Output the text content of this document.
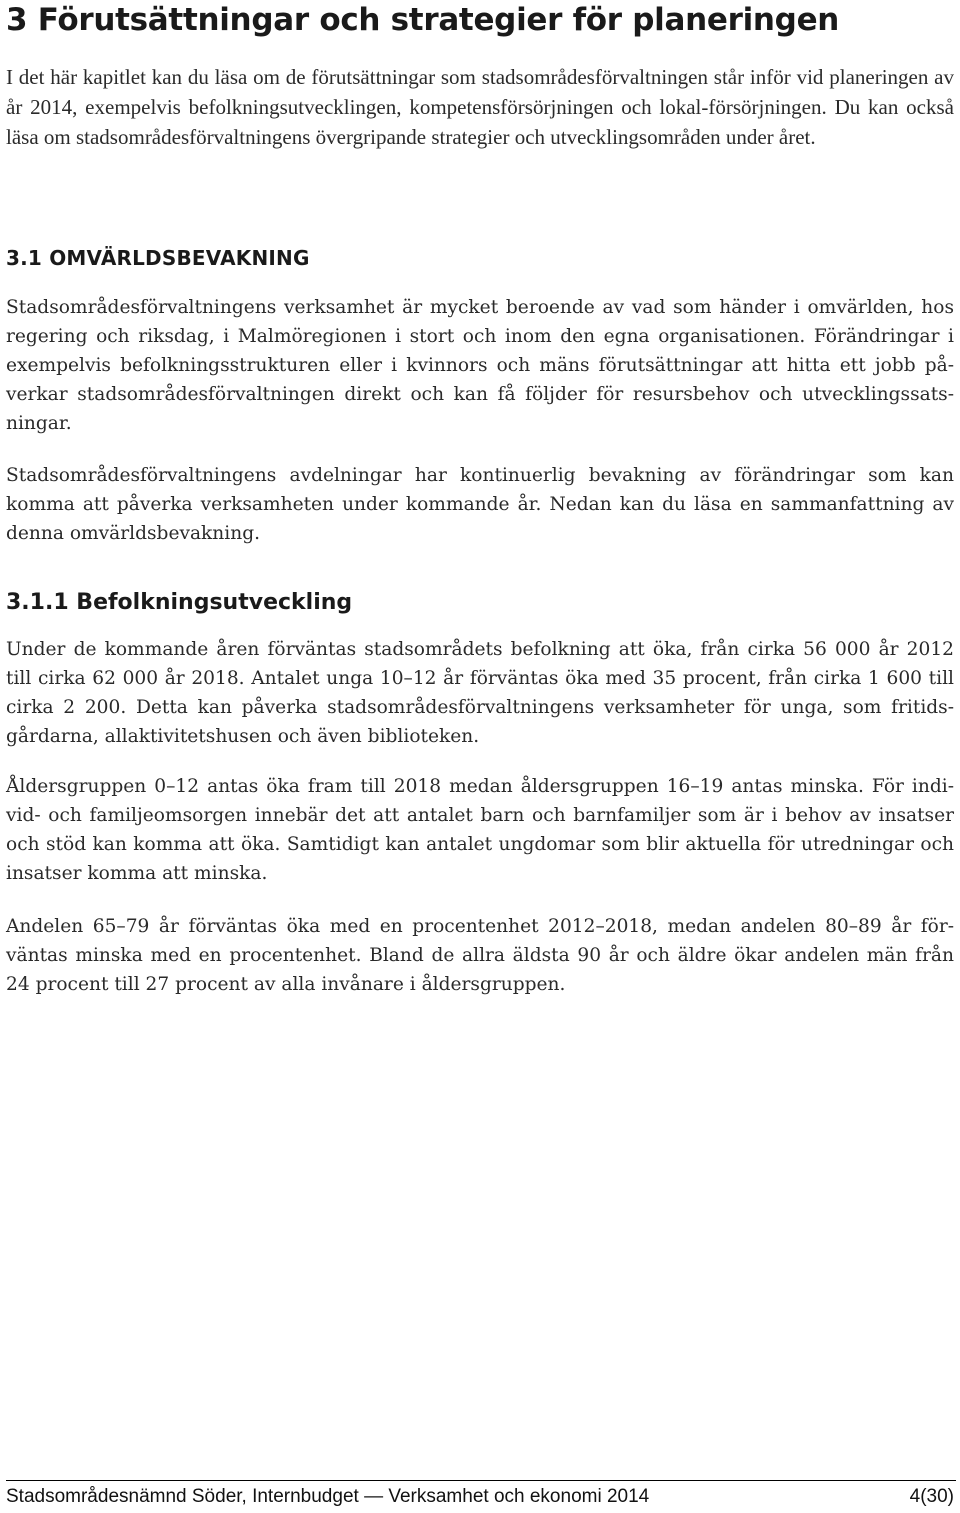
3 Förutsättningar och strategier för planeringen

I det här kapitlet kan du läsa om de förutsättningar som stadsområdesförvaltningen står inför vid planeringen av år 2014, exempelvis befolkningsutvecklingen, kompetensförsörjningen och lokal-försörjningen. Du kan också läsa om stadsområdesförvaltningens övergripande strategier och utvecklingsområden under året.

3.1 OMVÄRLDSBEVAKNING

Stadsområdesförvaltningens verksamhet är mycket beroende av vad som händer i omvärlden, hos regering och riksdag, i Malmöregionen i stort och inom den egna organisationen. Förändringar i exempelvis befolkningsstrukturen eller i kvinnors och mäns förutsättningar att hitta ett jobb på-verkar stadsområdesförvaltningen direkt och kan få följder för resursbehov och utvecklingssats-ningar.

Stadsområdesförvaltningens avdelningar har kontinuerlig bevakning av förändringar som kan komma att påverka verksamheten under kommande år. Nedan kan du läsa en sammanfattning av denna omvärldsbevakning.

3.1.1 Befolkningsutveckling

Under de kommande åren förväntas stadsområdets befolkning att öka, från cirka 56 000 år 2012 till cirka 62 000 år 2018. Antalet unga 10–12 år förväntas öka med 35 procent, från cirka 1 600 till cirka 2 200. Detta kan påverka stadsområdesförvaltningens verksamheter för unga, som fritids-gårdarna, allaktivitetshusen och även biblioteken.

Åldersgruppen 0–12 antas öka fram till 2018 medan åldersgruppen 16–19 antas minska. För indi-vid- och familjeomsorgen innebär det att antalet barn och barnfamiljer som är i behov av insatser och stöd kan komma att öka. Samtidigt kan antalet ungdomar som blir aktuella för utredningar och insatser komma att minska.

Andelen 65–79 år förväntas öka med en procentenhet 2012–2018, medan andelen 80–89 år för-väntas minska med en procentenhet. Bland de allra äldsta 90 år och äldre ökar andelen män från 24 procent till 27 procent av alla invånare i åldersgruppen.

Stadsområdesnämnd Söder, Internbudget — Verksamhet och ekonomi 2014	4(30)
